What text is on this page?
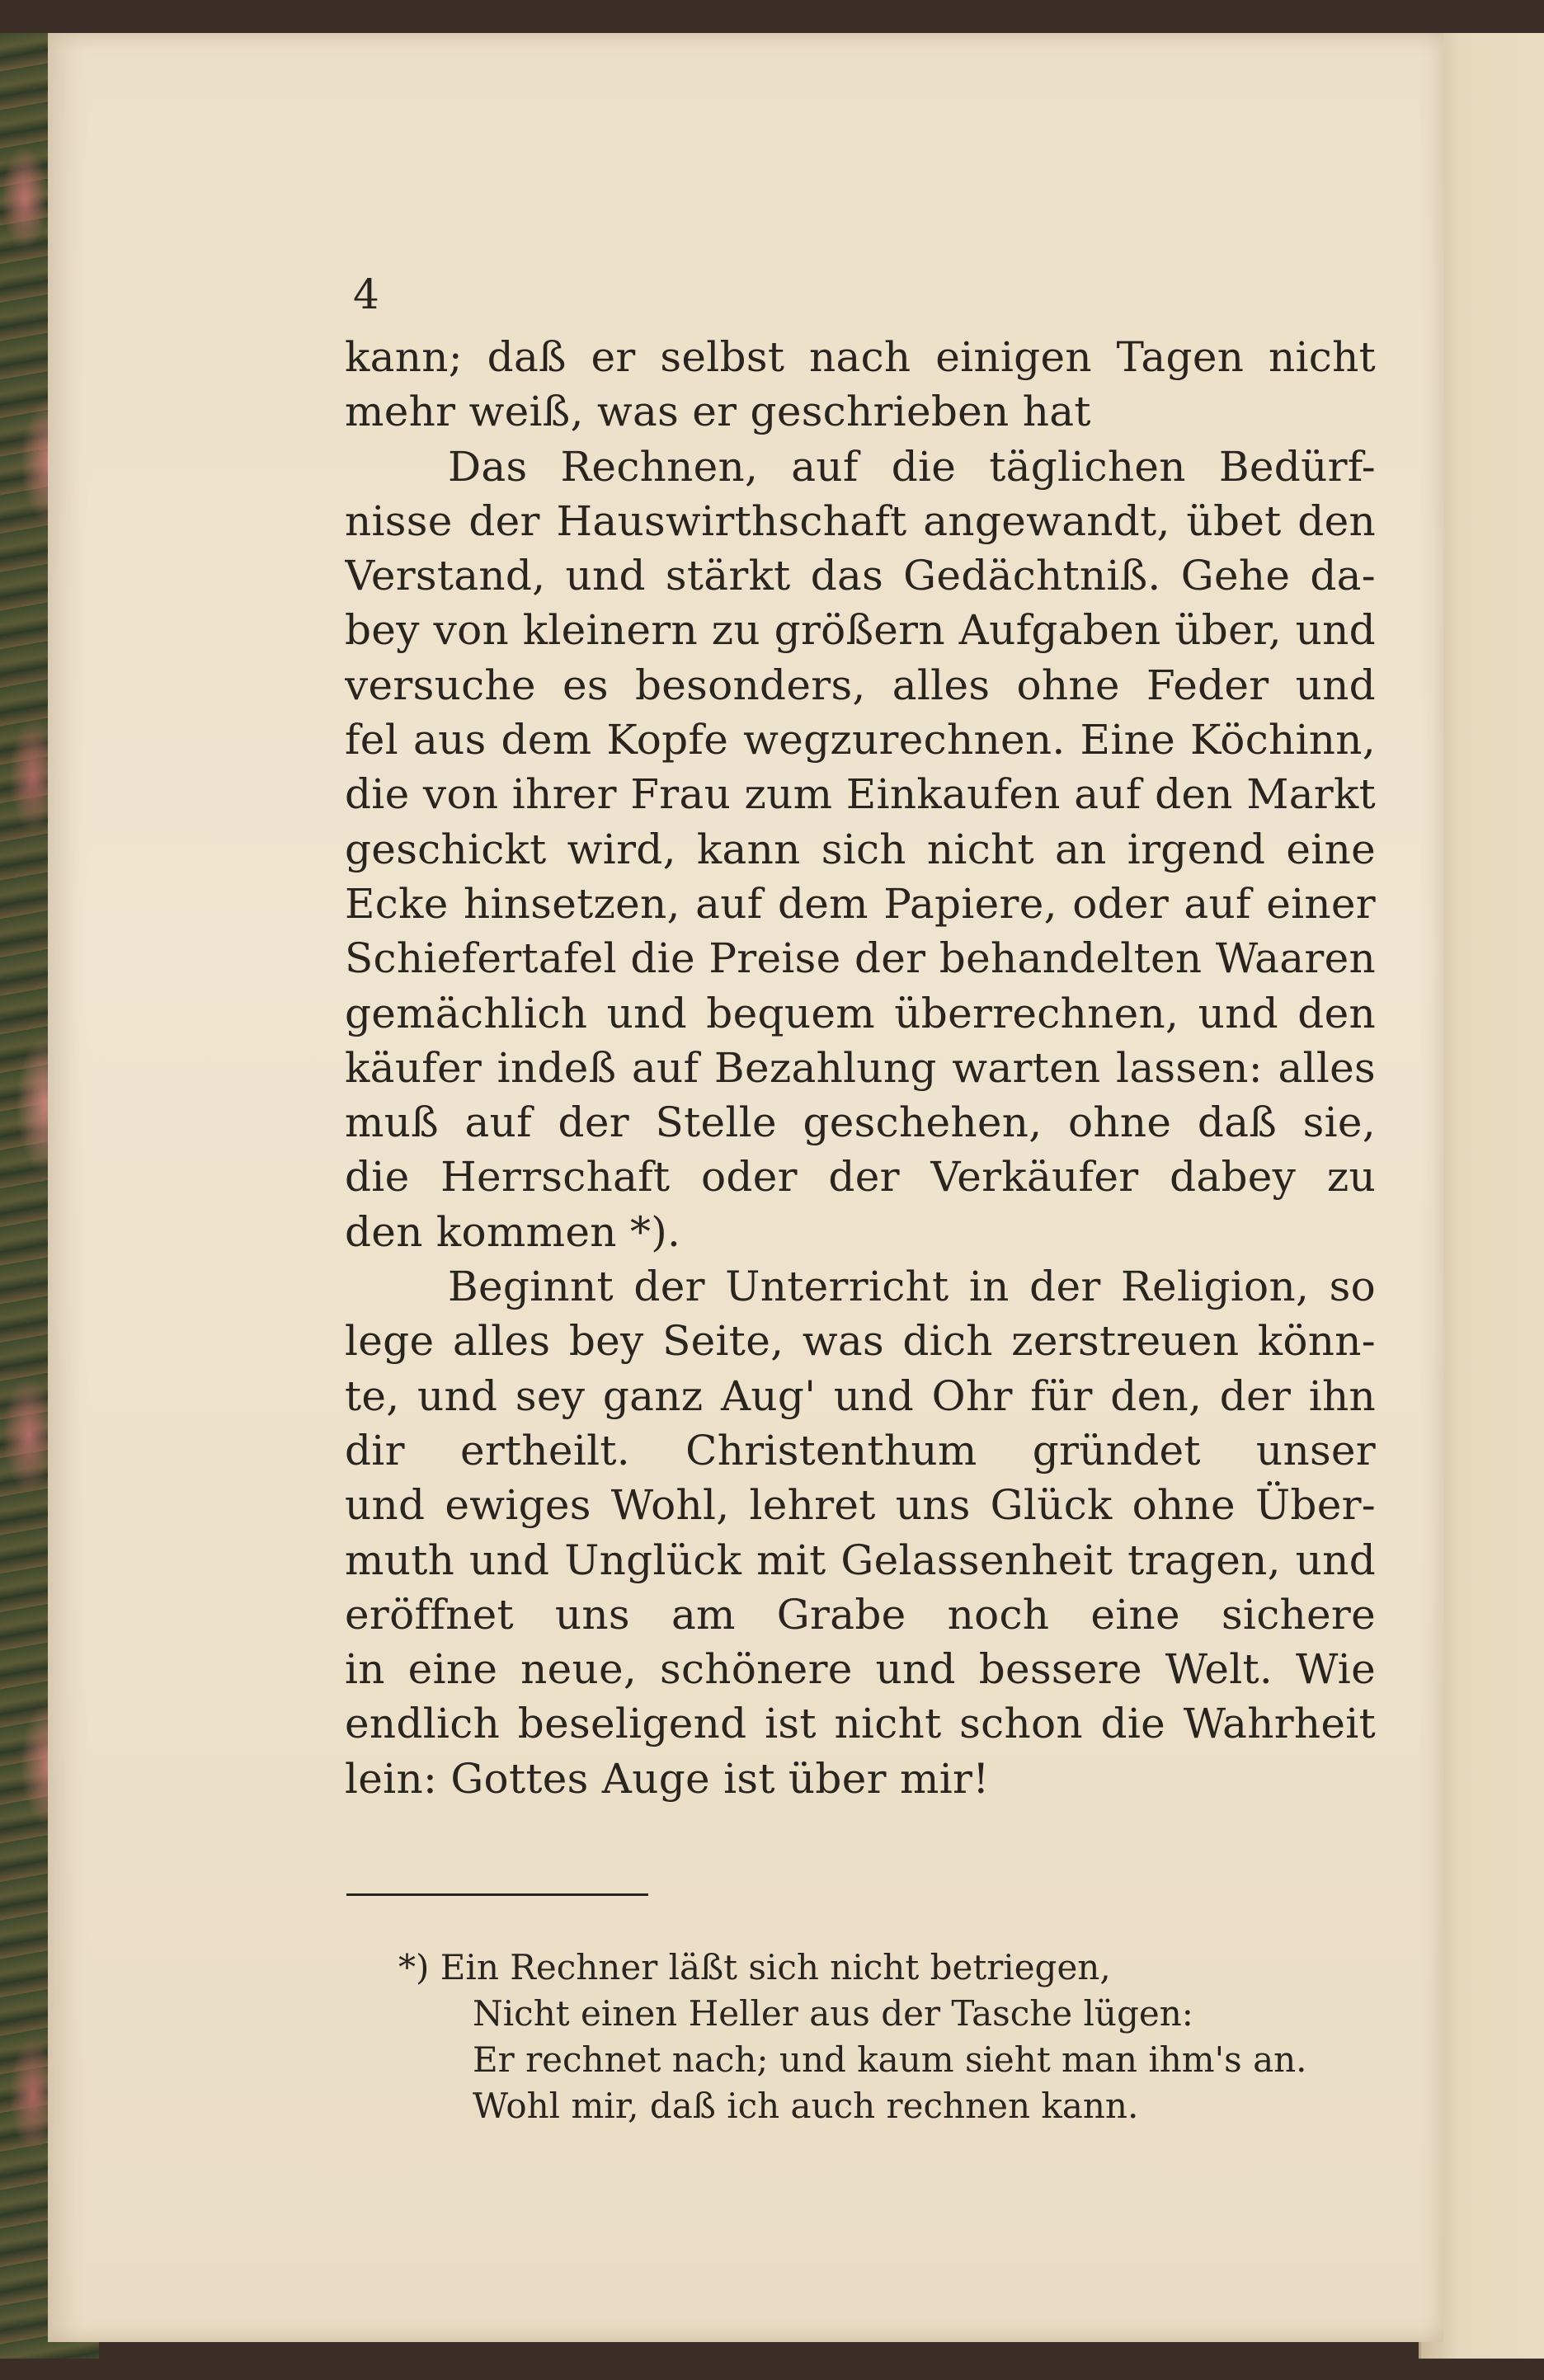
4
kann; daß er selbst nach einigen Tagen nicht
mehr weiß, was er geschrieben hat
Das Rechnen, auf die täglichen Bedürf-
nisse der Hauswirthschaft angewandt, übet den
Verstand, und stärkt das Gedächtniß. Gehe da-
bey von kleinern zu größern Aufgaben über, und
versuche es besonders, alles ohne Feder und
fel aus dem Kopfe wegzurechnen. Eine Köchinn,
die von ihrer Frau zum Einkaufen auf den Markt
geschickt wird, kann sich nicht an irgend eine
Ecke hinsetzen, auf dem Papiere, oder auf einer
Schiefertafel die Preise der behandelten Waaren
gemächlich und bequem überrechnen, und den
käufer indeß auf Bezahlung warten lassen: alles
muß auf der Stelle geschehen, ohne daß sie,
die Herrschaft oder der Verkäufer dabey zu
den kommen *).
Beginnt der Unterricht in der Religion, so
lege alles bey Seite, was dich zerstreuen könn-
te, und sey ganz Aug' und Ohr für den, der ihn
dir ertheilt. Christenthum gründet unser
und ewiges Wohl, lehret uns Glück ohne Über-
muth und Unglück mit Gelassenheit tragen, und
eröffnet uns am Grabe noch eine sichere
in eine neue, schönere und bessere Welt. Wie
endlich beseligend ist nicht schon die Wahrheit
lein: Gottes Auge ist über mir!
*) Ein Rechner läßt sich nicht betriegen,
Nicht einen Heller aus der Tasche lügen:
Er rechnet nach; und kaum sieht man ihm's an.
Wohl mir, daß ich auch rechnen kann.
